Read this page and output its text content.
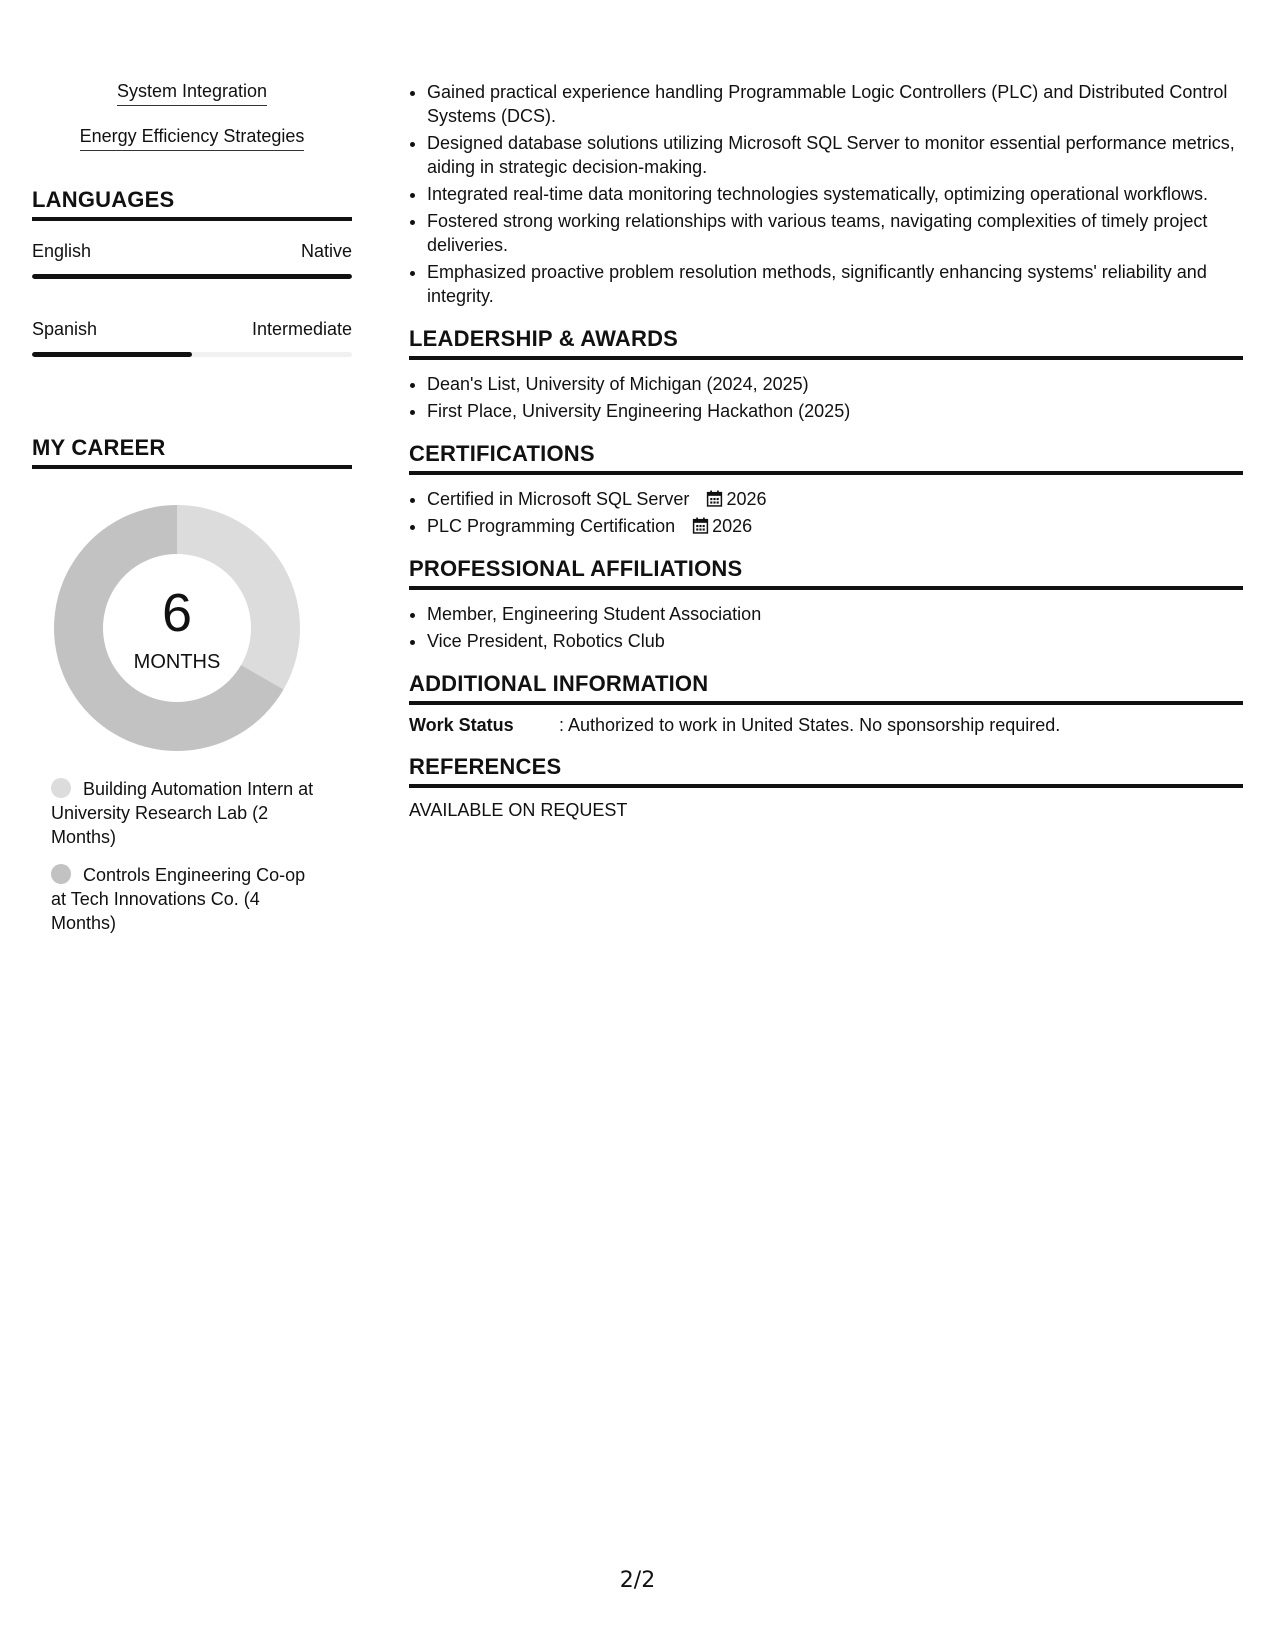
System Integration
Energy Efficiency Strategies
LANGUAGES
English	Native
Spanish	Intermediate
MY CAREER
6
MONTHS
Building Automation Intern at University Research Lab (2 Months)
Controls Engineering Co-op at Tech Innovations Co. (4 Months)
• Gained practical experience handling Programmable Logic Controllers (PLC) and Distributed Control Systems (DCS).
• Designed database solutions utilizing Microsoft SQL Server to monitor essential performance metrics, aiding in strategic decision-making.
• Integrated real-time data monitoring technologies systematically, optimizing operational workflows.
• Fostered strong working relationships with various teams, navigating complexities of timely project deliveries.
• Emphasized proactive problem resolution methods, significantly enhancing systems' reliability and integrity.
LEADERSHIP & AWARDS
• Dean's List, University of Michigan (2024, 2025)
• First Place, University Engineering Hackathon (2025)
CERTIFICATIONS
• Certified in Microsoft SQL Server 2026
• PLC Programming Certification 2026
PROFESSIONAL AFFILIATIONS
• Member, Engineering Student Association
• Vice President, Robotics Club
ADDITIONAL INFORMATION
Work Status	: Authorized to work in United States. No sponsorship required.
REFERENCES
AVAILABLE ON REQUEST
2/2
